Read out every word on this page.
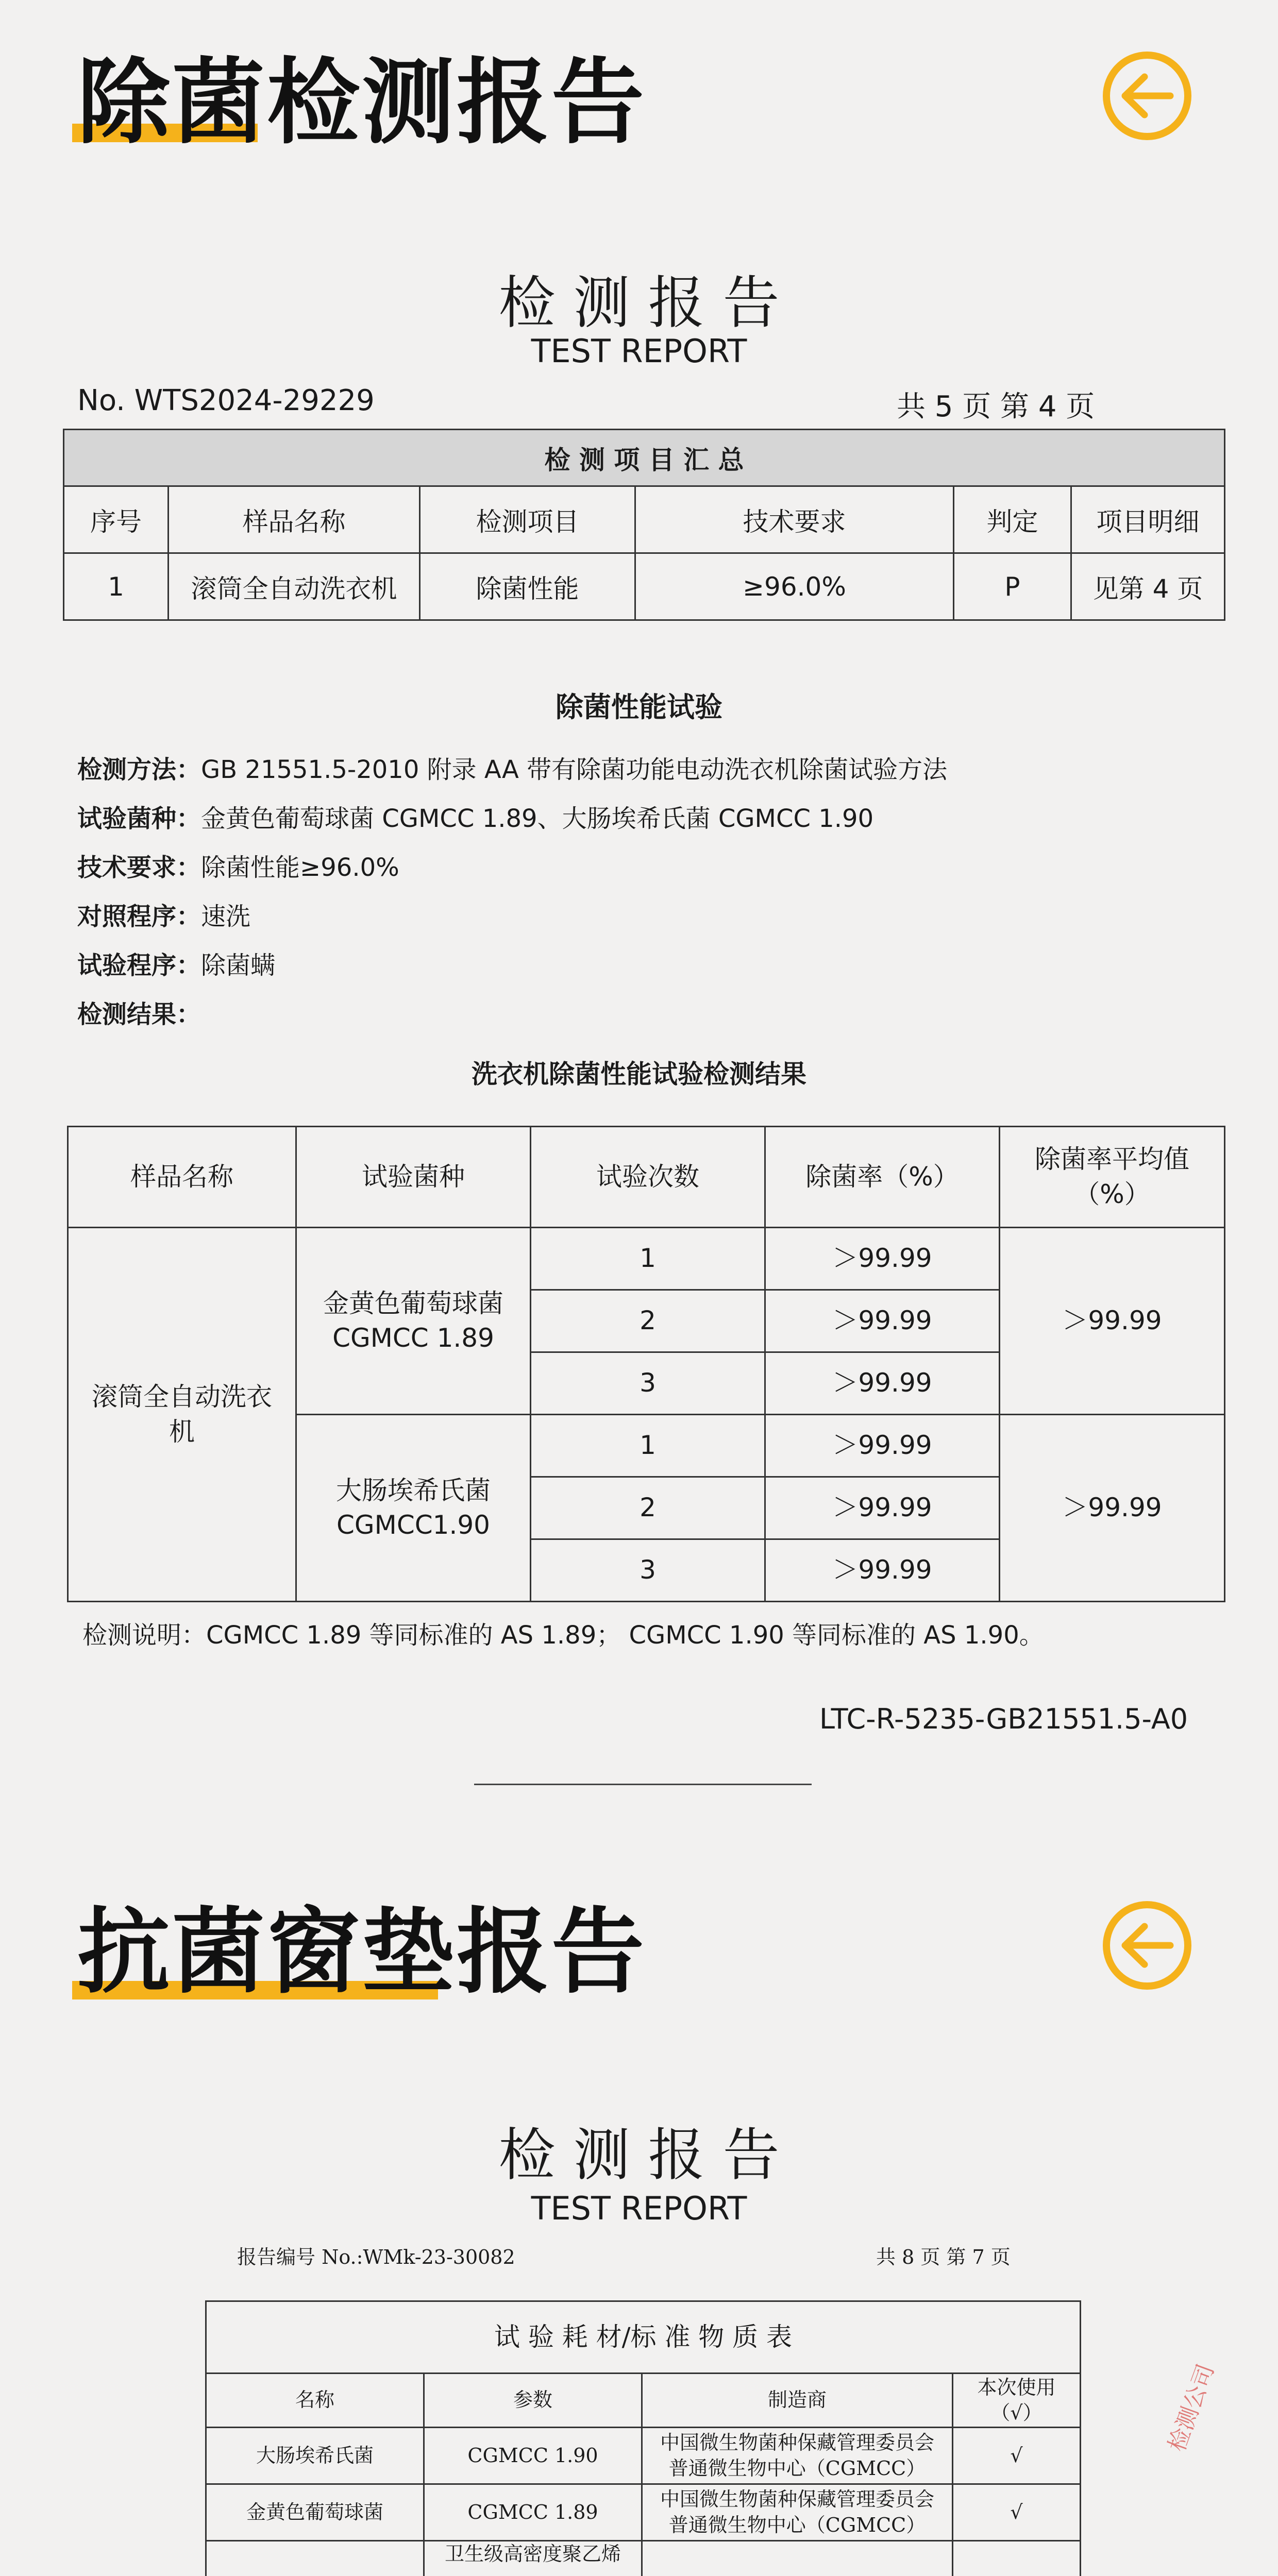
除菌检测报告
检 测 报 告
TEST REPORT
No. WTS2024-29229	共 5 页 第 4 页
检 测 项 目 汇 总					
序号	样品名称	检测项目	技术要求	判定	项目明细
1	滚筒全自动洗衣机	除菌性能	≥96.0%	P	见第 4 页
除菌性能试验
检测方法：GB 21551.5-2010 附录 AA 带有除菌功能电动洗衣机除菌试验方法
试验菌种：金黄色葡萄球菌 CGMCC 1.89、大肠埃希氏菌 CGMCC 1.90
技术要求：除菌性能≥96.0%
对照程序：速洗
试验程序：除菌螨
检测结果：
洗衣机除菌性能试验检测结果
样品名称	试验菌种	试验次数	除菌率（%）	除菌率平均值（%）
滚筒全自动洗衣机	金黄色葡萄球菌 CGMCC 1.89	1	＞99.99	＞99.99
		2	＞99.99	
		3	＞99.99	
	大肠埃希氏菌 CGMCC1.90	1	＞99.99	＞99.99
		2	＞99.99	
		3	＞99.99	
检测说明：CGMCC 1.89 等同标准的 AS 1.89； CGMCC 1.90 等同标准的 AS 1.90。
LTC-R-5235-GB21551.5-A0
抗菌窗垫报告
检 测 报 告
TEST REPORT
报告编号 No.:WMk-23-30082	共 8 页 第 7 页
试 验 耗 材/标 准 物 质 表			
名称	参数	制造商	本次使用（√）
大肠埃希氏菌	CGMCC 1.90	中国微生物菌种保藏管理委员会普通微生物中心（CGMCC）	√
金黄色葡萄球菌	CGMCC 1.89	中国微生物菌种保藏管理委员会普通微生物中心（CGMCC）	√
	卫生级高密度聚乙烯		
检测公司
